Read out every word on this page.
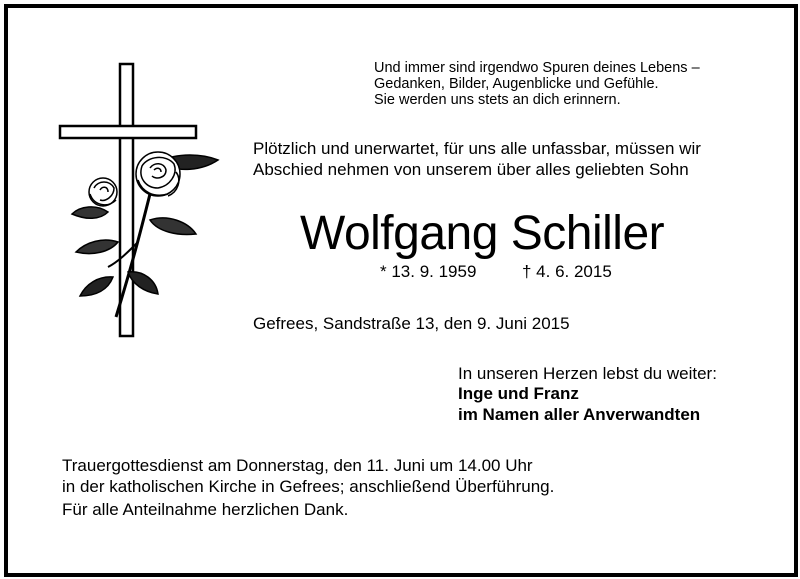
Und immer sind irgendwo Spuren deines Lebens –
Gedanken, Bilder, Augenblicke und Gefühle.
Sie werden uns stets an dich erinnern.
Plötzlich und unerwartet, für uns alle unfassbar, müssen wir
Abschied nehmen von unserem über alles geliebten Sohn
Wolfgang Schiller
* 13. 9. 1959	† 4. 6. 2015
Gefrees, Sandstraße 13, den 9. Juni 2015
In unseren Herzen lebst du weiter:
Inge und Franz
im Namen aller Anverwandten
Trauergottesdienst am Donnerstag, den 11. Juni um 14.00 Uhr
in der katholischen Kirche in Gefrees; anschließend Überführung.
Für alle Anteilnahme herzlichen Dank.
